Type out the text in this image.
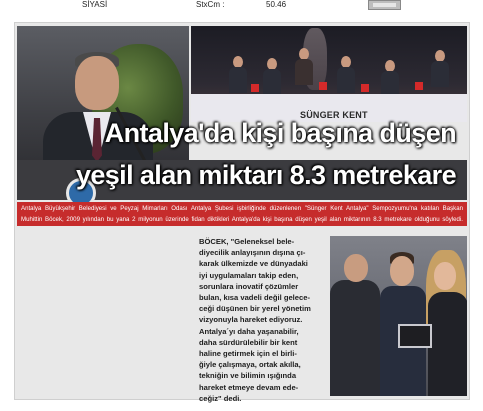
SİYASİ	StxCm :	50.46
SÜNGER KENT
Antalya'da kişi başına düşen
yeşil alan miktarı 8.3 metrekare
Antalya Büyükşehir Belediyesi ve Peyzaj Mimarları Odası Antalya Şubesi işbirliğinde düzenlenen "Sünger Kent Antalya" Sempozyumu'na katılan Başkan
Muhittin Böcek, 2009 yılından bu yana 2 milyonun üzerinde fidan diktikleri Antalya'da kişi başına düşen yeşil alan miktarının 8.3 metrekare olduğunu söyledi.
BÖCEK, "Geleneksel bele-
diyecilik anlayışının dışına çı-
karak ülkemizde ve dünyadaki
iyi uygulamaları takip eden,
sorunlara inovatif çözümler
bulan, kısa vadeli değil gelece-
ceği düşünen bir yerel yönetim
vizyonuyla hareket ediyoruz.
Antalya´yı daha yaşanabilir,
daha sürdürülebilir bir kent
haline getirmek için el birli-
ğiyle çalışmaya, ortak akılla,
tekniğin ve bilimin ışığında
hareket etmeye devam ede-
ceğiz" dedi.
